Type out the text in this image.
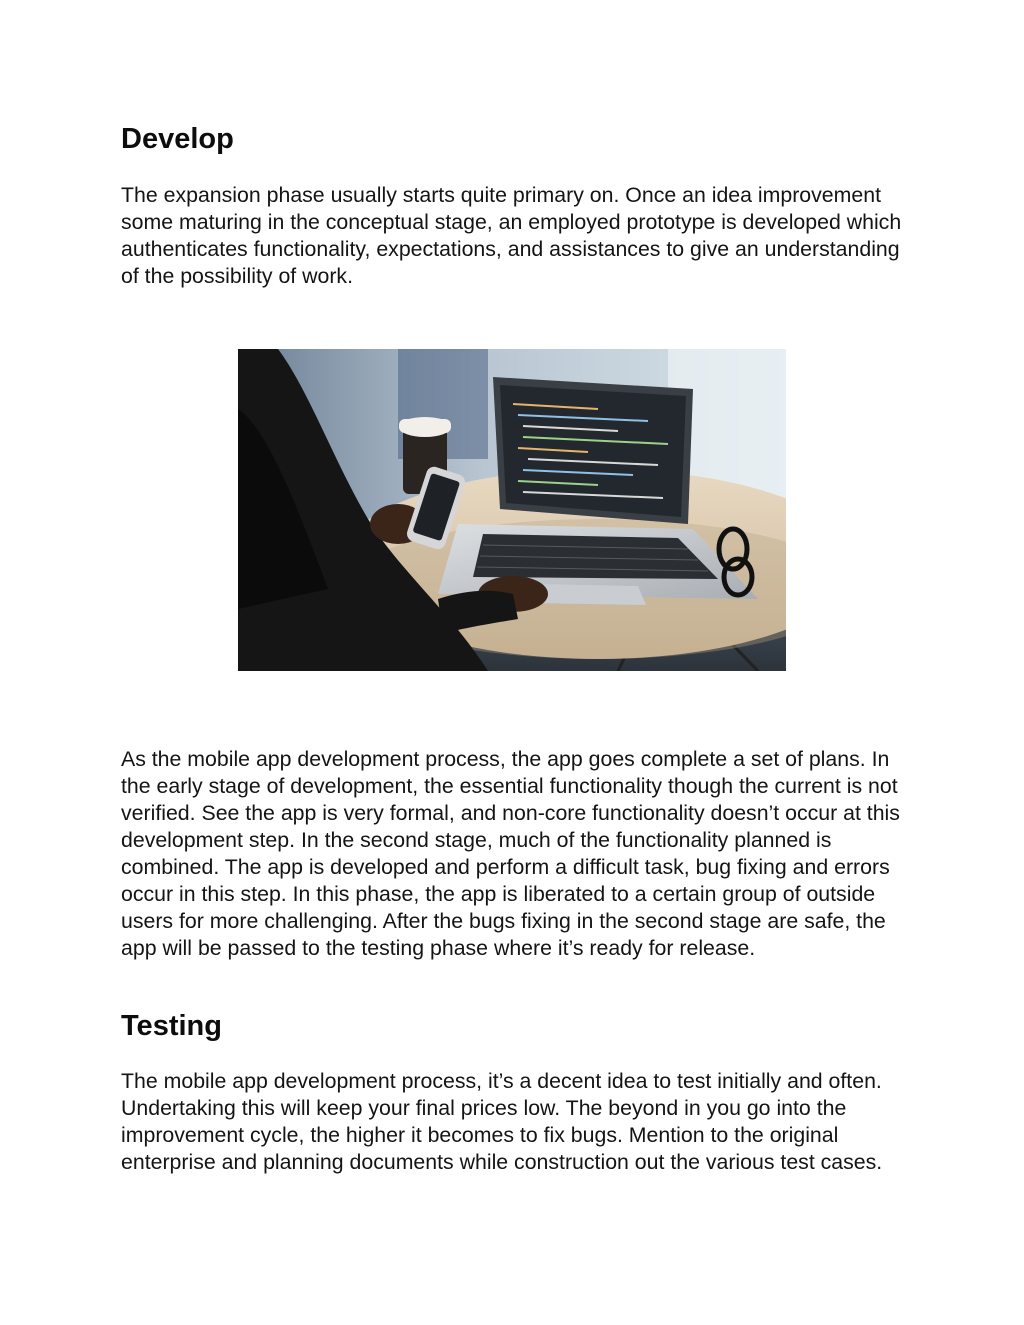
Develop

The expansion phase usually starts quite primary on. Once an idea improvement some maturing in the conceptual stage, an employed prototype is developed which authenticates functionality, expectations, and assistances to give an understanding of the possibility of work.

As the mobile app development process, the app goes complete a set of plans. In the early stage of development, the essential functionality though the current is not verified. See the app is very formal, and non-core functionality doesn’t occur at this development step. In the second stage, much of the functionality planned is combined. The app is developed and perform a difficult task, bug fixing and errors occur in this step. In this phase, the app is liberated to a certain group of outside users for more challenging. After the bugs fixing in the second stage are safe, the app will be passed to the testing phase where it’s ready for release.

Testing

The mobile app development process, it’s a decent idea to test initially and often. Undertaking this will keep your final prices low. The beyond in you go into the improvement cycle, the higher it becomes to fix bugs. Mention to the original enterprise and planning documents while construction out the various test cases.
